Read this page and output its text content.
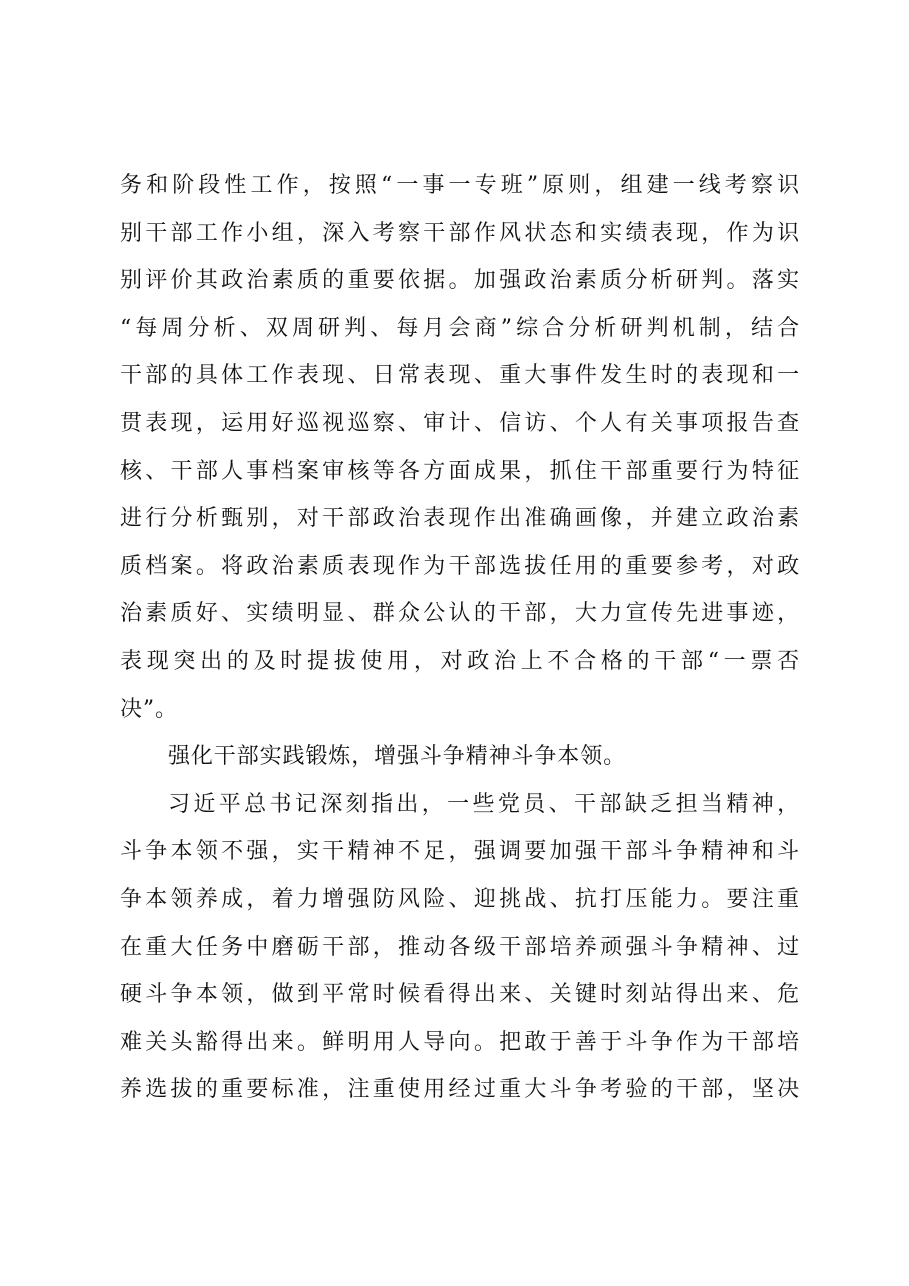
务和阶段性工作，按照“一事一专班”原则，组建一线考察识
别干部工作小组，深入考察干部作风状态和实绩表现，作为识
别评价其政治素质的重要依据。加强政治素质分析研判。落实
“每周分析、双周研判、每月会商”综合分析研判机制，结合
干部的具体工作表现、日常表现、重大事件发生时的表现和一
贯表现，运用好巡视巡察、审计、信访、个人有关事项报告查
核、干部人事档案审核等各方面成果，抓住干部重要行为特征
进行分析甄别，对干部政治表现作出准确画像，并建立政治素
质档案。将政治素质表现作为干部选拔任用的重要参考，对政
治素质好、实绩明显、群众公认的干部，大力宣传先进事迹，
表现突出的及时提拔使用，对政治上不合格的干部“一票否
决”。
强化干部实践锻炼，增强斗争精神斗争本领。
习近平总书记深刻指出，一些党员、干部缺乏担当精神，
斗争本领不强，实干精神不足，强调要加强干部斗争精神和斗
争本领养成，着力增强防风险、迎挑战、抗打压能力。要注重
在重大任务中磨砺干部，推动各级干部培养顽强斗争精神、过
硬斗争本领，做到平常时候看得出来、关键时刻站得出来、危
难关头豁得出来。鲜明用人导向。把敢于善于斗争作为干部培
养选拔的重要标准，注重使用经过重大斗争考验的干部，坚决
